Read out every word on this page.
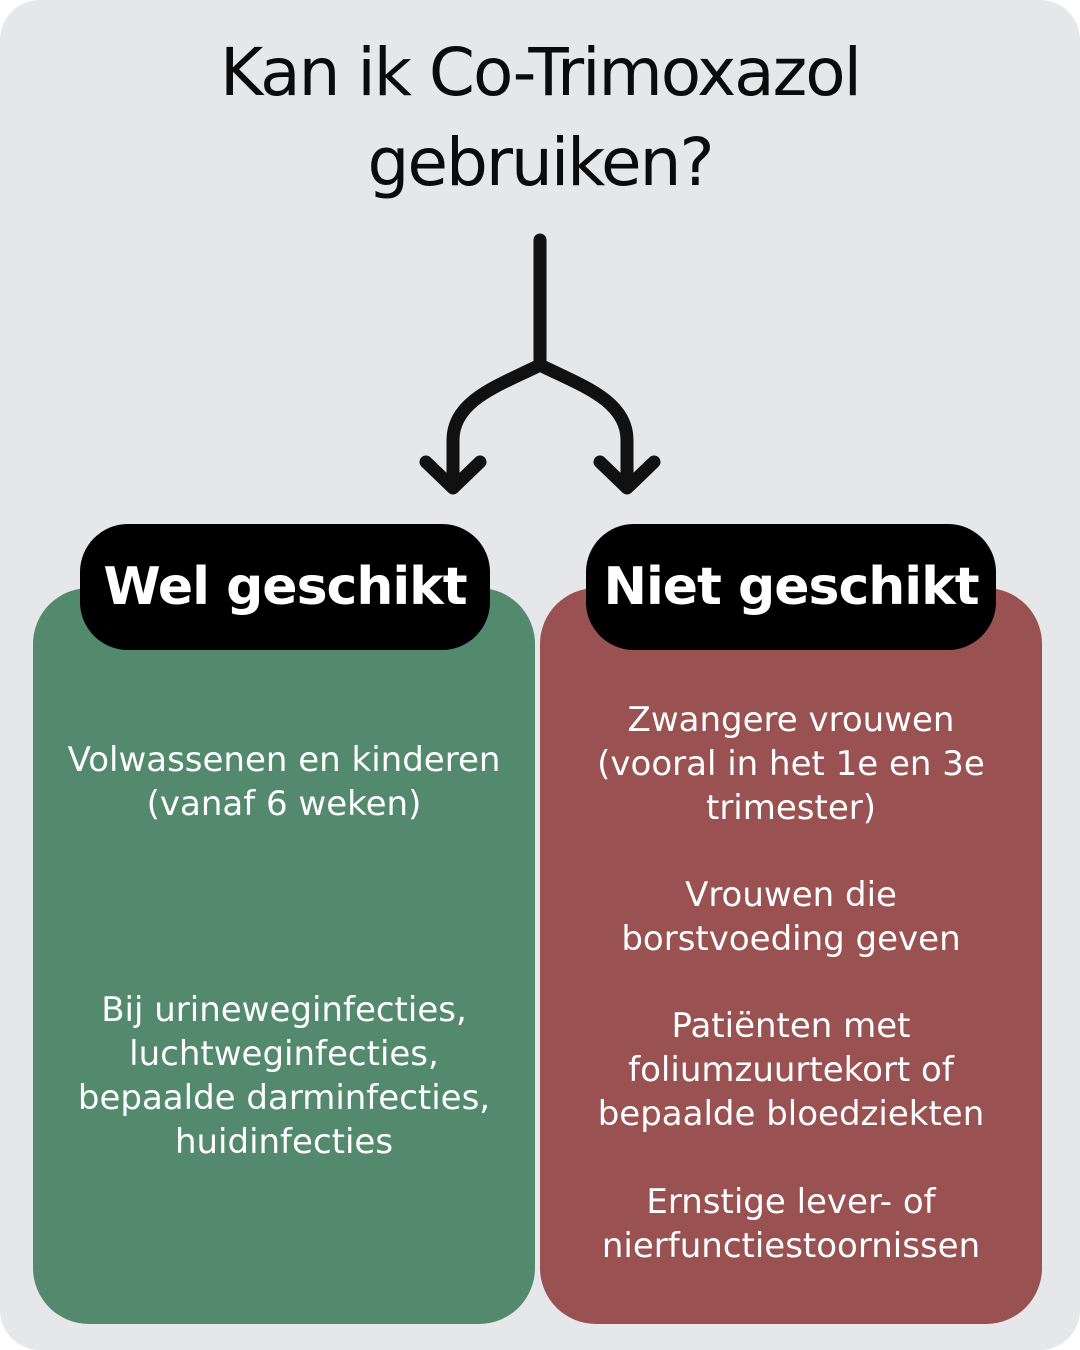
Kan ik Co-Trimoxazol
gebruiken?
Wel geschikt	Niet geschikt
Volwassenen en kinderen (vanaf 6 weken)
Bij urineweginfecties, luchtweginfecties, bepaalde darminfecties, huidinfecties
Zwangere vrouwen (vooral in het 1e en 3e trimester)
Vrouwen die borstvoeding geven
Patiënten met foliumzuurtekort of bepaalde bloedziekten
Ernstige lever- of nierfunctiestoornissen
